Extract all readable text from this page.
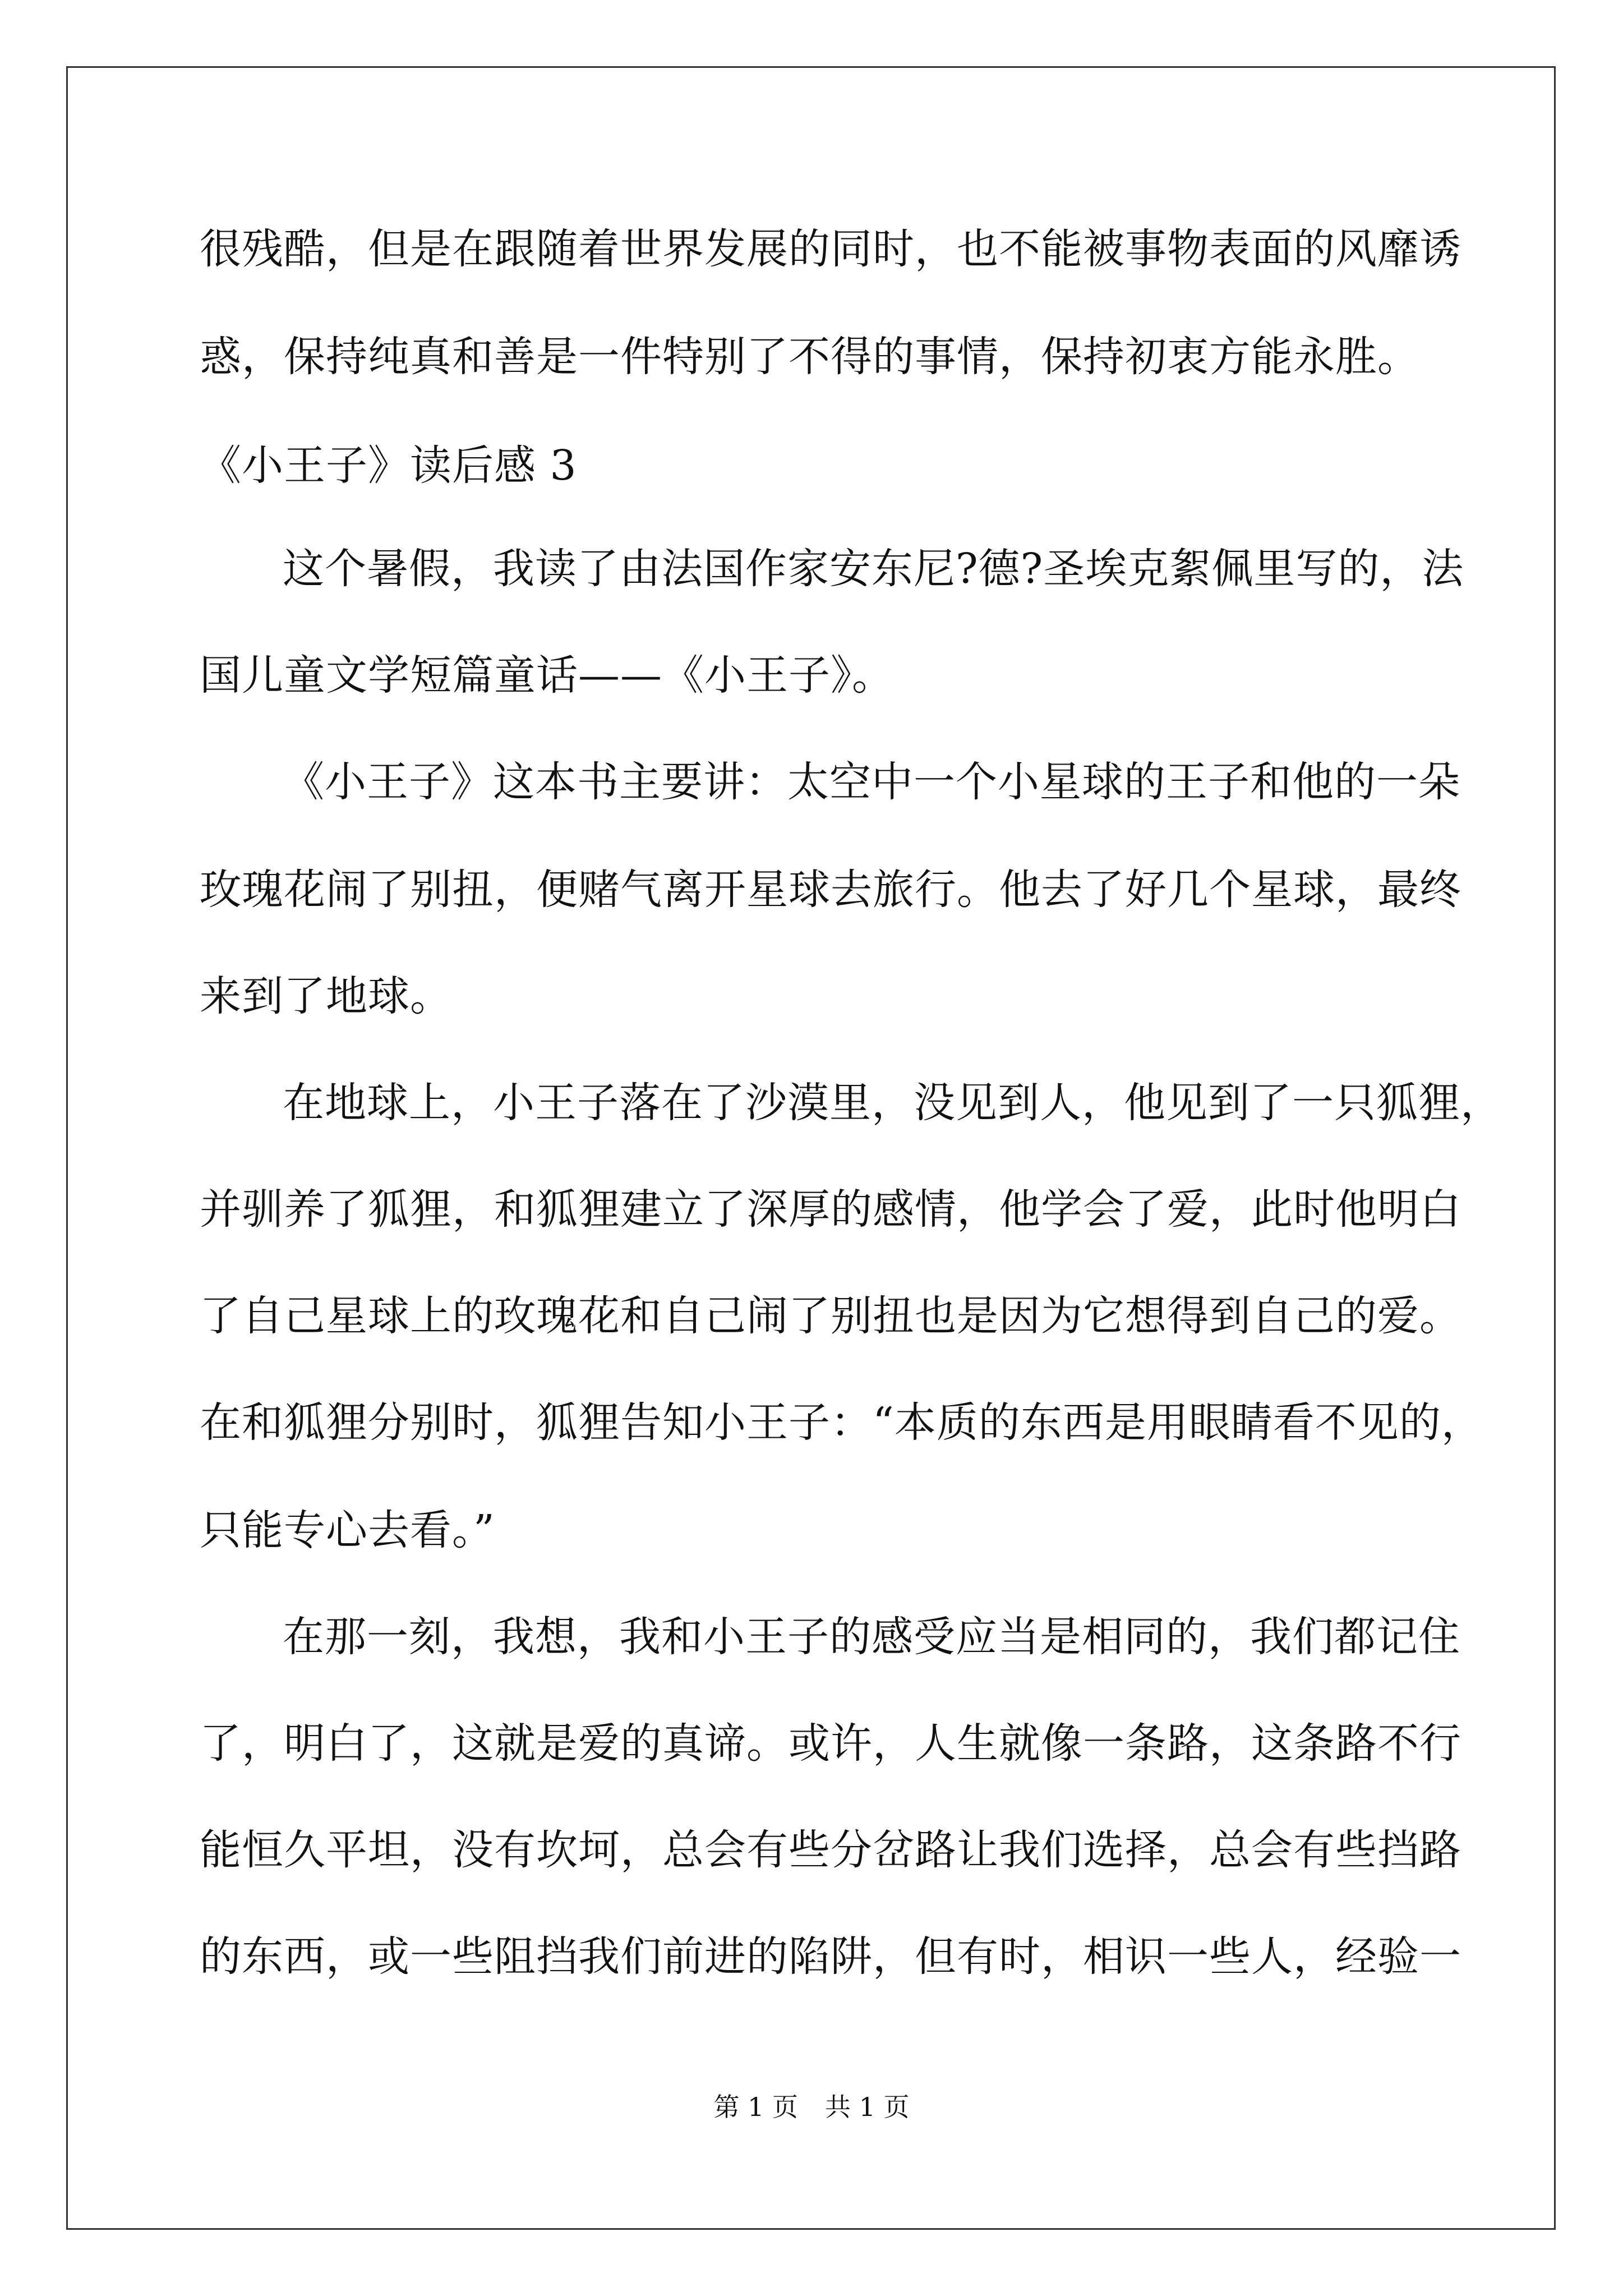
很残酷，但是在跟随着世界发展的同时，也不能被事物表面的风靡诱
惑，保持纯真和善是一件特别了不得的事情，保持初衷方能永胜。
《小王子》读后感 3
这个暑假，我读了由法国作家安东尼?德?圣埃克絮佩里写的，法
国儿童文学短篇童话——《小王子》。
《小王子》这本书主要讲：太空中一个小星球的王子和他的一朵
玫瑰花闹了别扭，便赌气离开星球去旅行。他去了好几个星球，最终
来到了地球。
在地球上，小王子落在了沙漠里，没见到人，他见到了一只狐狸，
并驯养了狐狸，和狐狸建立了深厚的感情，他学会了爱，此时他明白
了自己星球上的玫瑰花和自己闹了别扭也是因为它想得到自己的爱。
在和狐狸分别时，狐狸告知小王子：“本质的东西是用眼睛看不见的，
只能专心去看。”
在那一刻，我想，我和小王子的感受应当是相同的，我们都记住
了，明白了，这就是爱的真谛。或许，人生就像一条路，这条路不行
能恒久平坦，没有坎坷，总会有些分岔路让我们选择，总会有些挡路
的东西，或一些阻挡我们前进的陷阱，但有时，相识一些人，经验一
第 1 页 共 1 页
